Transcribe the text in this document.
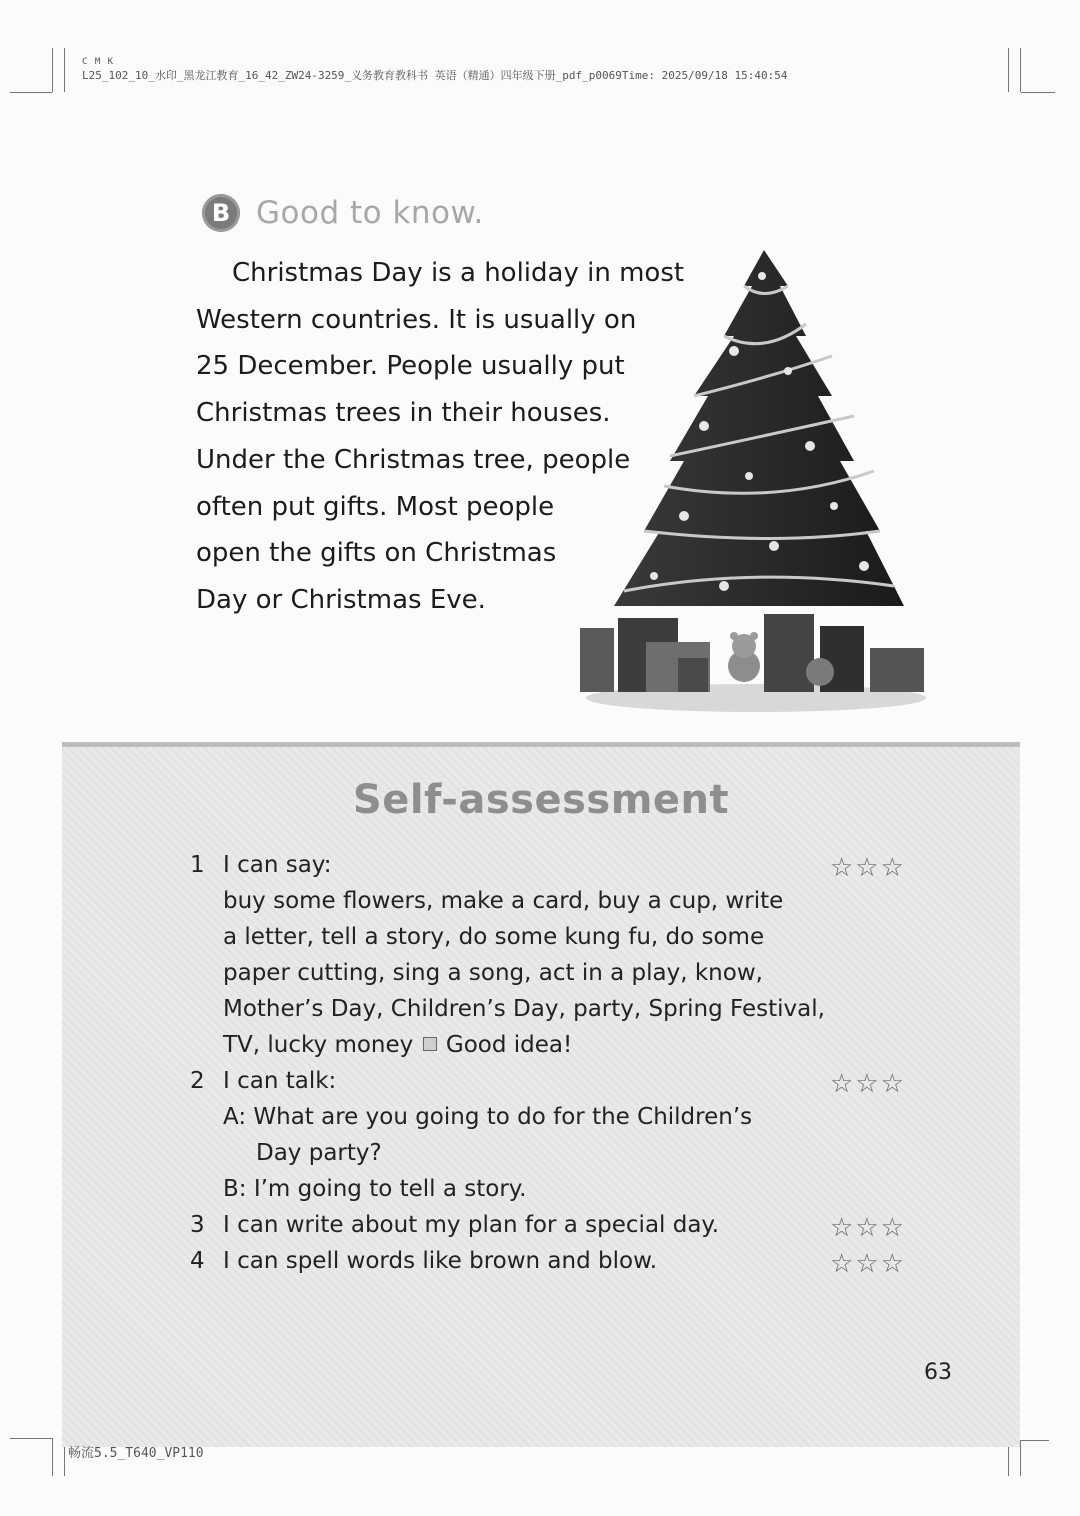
C M K
L25_102_10_水印_黑龙江教育_16_42_ZW24-3259_义务教育教科书 英语（精通）四年级下册_pdf_p0069Time: 2025/09/18 15:40:54
B Good to know.
Christmas Day is a holiday in most
Western countries. It is usually on
25 December. People usually put
Christmas trees in their houses.
Under the Christmas tree, people
often put gifts. Most people
open the gifts on Christmas
Day or Christmas Eve.
Self-assessment
1 I can say:
buy some flowers, make a card, buy a cup, write
a letter, tell a story, do some kung fu, do some
paper cutting, sing a song, act in a play, know,
Mother’s Day, Children’s Day, party, Spring Festival,
TV, lucky money Good idea!
2 I can talk:
A: What are you going to do for the Children’s
Day party?
B: I’m going to tell a story.
3 I can write about my plan for a special day.
4 I can spell words like brown and blow.
☆☆☆
☆☆☆
☆☆☆
☆☆☆
63
畅流5.5_T640_VP110
